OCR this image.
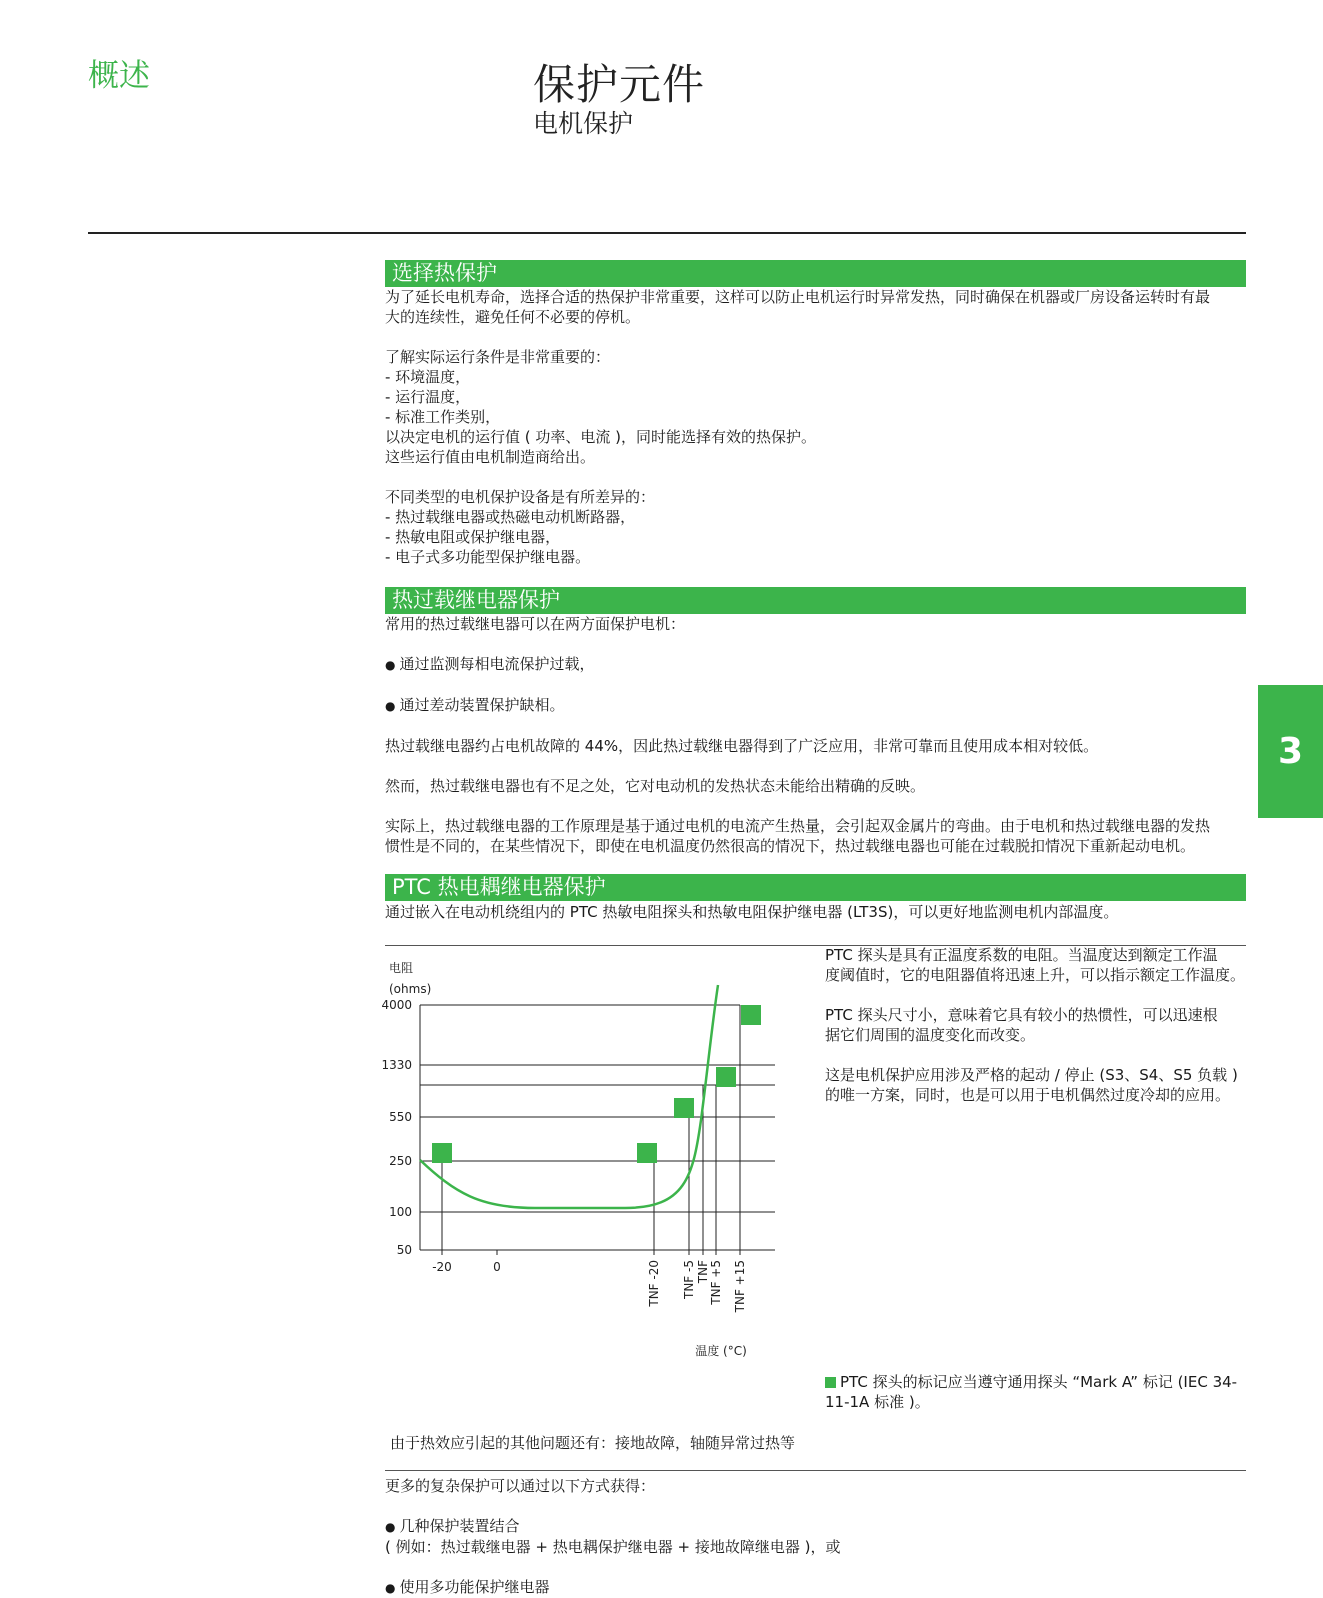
概述	保护元件
电机保护
选择热保护

为了延长电机寿命，选择合适的热保护非常重要，这样可以防止电机运行时异常发热，同时确保在机器或厂房设备运转时有最

大的连续性，避免任何不必要的停机。

了解实际运行条件是非常重要的：

- 环境温度，

- 运行温度，

- 标准工作类别，

以决定电机的运行值 ( 功率、电流 )，同时能选择有效的热保护。

这些运行值由电机制造商给出。

不同类型的电机保护设备是有所差异的：

- 热过载继电器或热磁电动机断路器，

- 热敏电阻或保护继电器，

- 电子式多功能型保护继电器。

热过载继电器保护

常用的热过载继电器可以在两方面保护电机：

● 通过监测每相电流保护过载，

● 通过差动装置保护缺相。

热过载继电器约占电机故障的 44%，因此热过载继电器得到了广泛应用，非常可靠而且使用成本相对较低。

然而，热过载继电器也有不足之处，它对电动机的发热状态未能给出精确的反映。

实际上，热过载继电器的工作原理是基于通过电机的电流产生热量，会引起双金属片的弯曲。由于电机和热过载继电器的发热

惯性是不同的，在某些情况下，即使在电机温度仍然很高的情况下，热过载继电器也可能在过载脱扣情况下重新起动电机。

3
PTC 热电耦继电器保护
通过嵌入在电动机绕组内的 PTC 热敏电阻探头和热敏电阻保护继电器 (LT3S)，可以更好地监测电机内部温度。
电阻
(ohms)
4000
1330
550
250
100
50
-20	0	TNF -20 TNF -5 TNF TNF +5 TNF +15
温度 (°C)

PTC 探头是具有正温度系数的电阻。当温度达到额定工作温
度阈值时，它的电阻器值将迅速上升，可以指示额定工作温度。

PTC 探头尺寸小，意味着它具有较小的热惯性，可以迅速根
据它们周围的温度变化而改变。

这是电机保护应用涉及严格的起动 / 停止 (S3、S4、S5 负载 )
的唯一方案，同时，也是可以用于电机偶然过度冷却的应用。

PTC 探头的标记应当遵守通用探头 “Mark A” 标记 (IEC 34-
11-1A 标准 )。
由于热效应引起的其他问题还有：接地故障，轴随异常过热等

更多的复杂保护可以通过以下方式获得：

● 几种保护装置结合

( 例如：热过载继电器 + 热电耦保护继电器 + 接地故障继电器 )，或

● 使用多功能保护继电器
